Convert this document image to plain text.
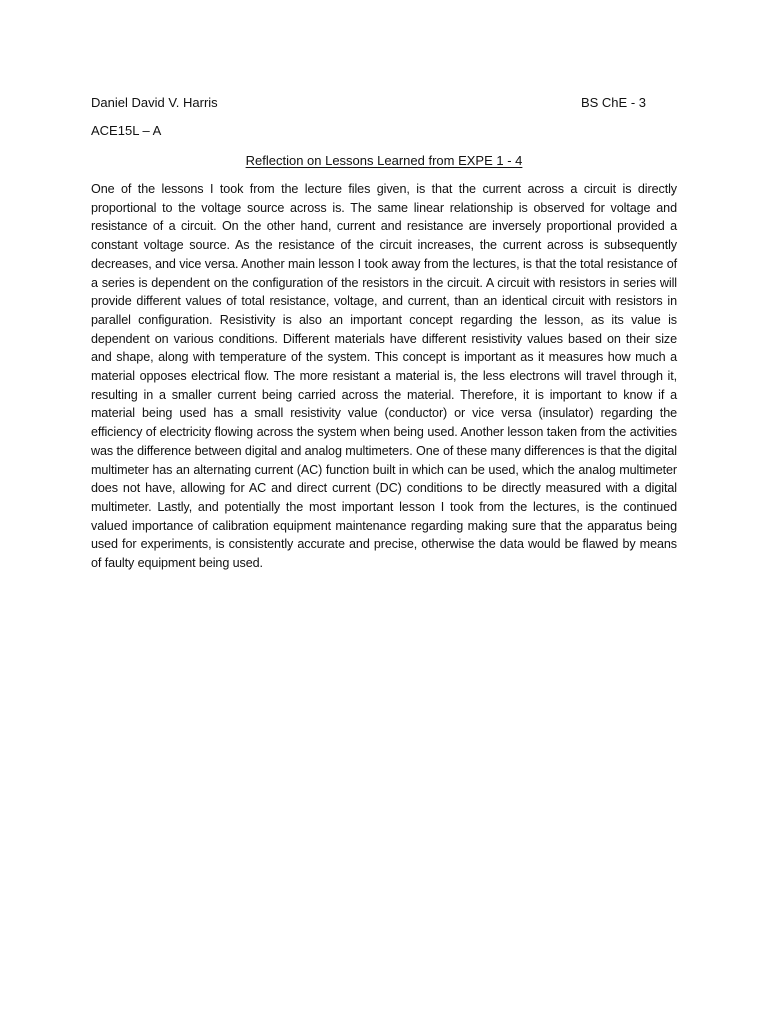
Daniel David V. Harris	BS ChE - 3
ACE15L – A
Reflection on Lessons Learned from EXPE 1 - 4

One of the lessons I took from the lecture files given, is that the current across a circuit is directly proportional to the voltage source across is. The same linear relationship is observed for voltage and resistance of a circuit. On the other hand, current and resistance are inversely proportional provided a constant voltage source. As the resistance of the circuit increases, the current across is subsequently decreases, and vice versa. Another main lesson I took away from the lectures, is that the total resistance of a series is dependent on the configuration of the resistors in the circuit. A circuit with resistors in series will provide different values of total resistance, voltage, and current, than an identical circuit with resistors in parallel configuration. Resistivity is also an important concept regarding the lesson, as its value is dependent on various conditions. Different materials have different resistivity values based on their size and shape, along with temperature of the system. This concept is important as it measures how much a material opposes electrical flow. The more resistant a material is, the less electrons will travel through it, resulting in a smaller current being carried across the material. Therefore, it is important to know if a material being used has a small resistivity value (conductor) or vice versa (insulator) regarding the efficiency of electricity flowing across the system when being used. Another lesson taken from the activities was the difference between digital and analog multimeters. One of these many differences is that the digital multimeter has an alternating current (AC) function built in which can be used, which the analog multimeter does not have, allowing for AC and direct current (DC) conditions to be directly measured with a digital multimeter. Lastly, and potentially the most important lesson I took from the lectures, is the continued valued importance of calibration equipment maintenance regarding making sure that the apparatus being used for experiments, is consistently accurate and precise, otherwise the data would be flawed by means of faulty equipment being used.
